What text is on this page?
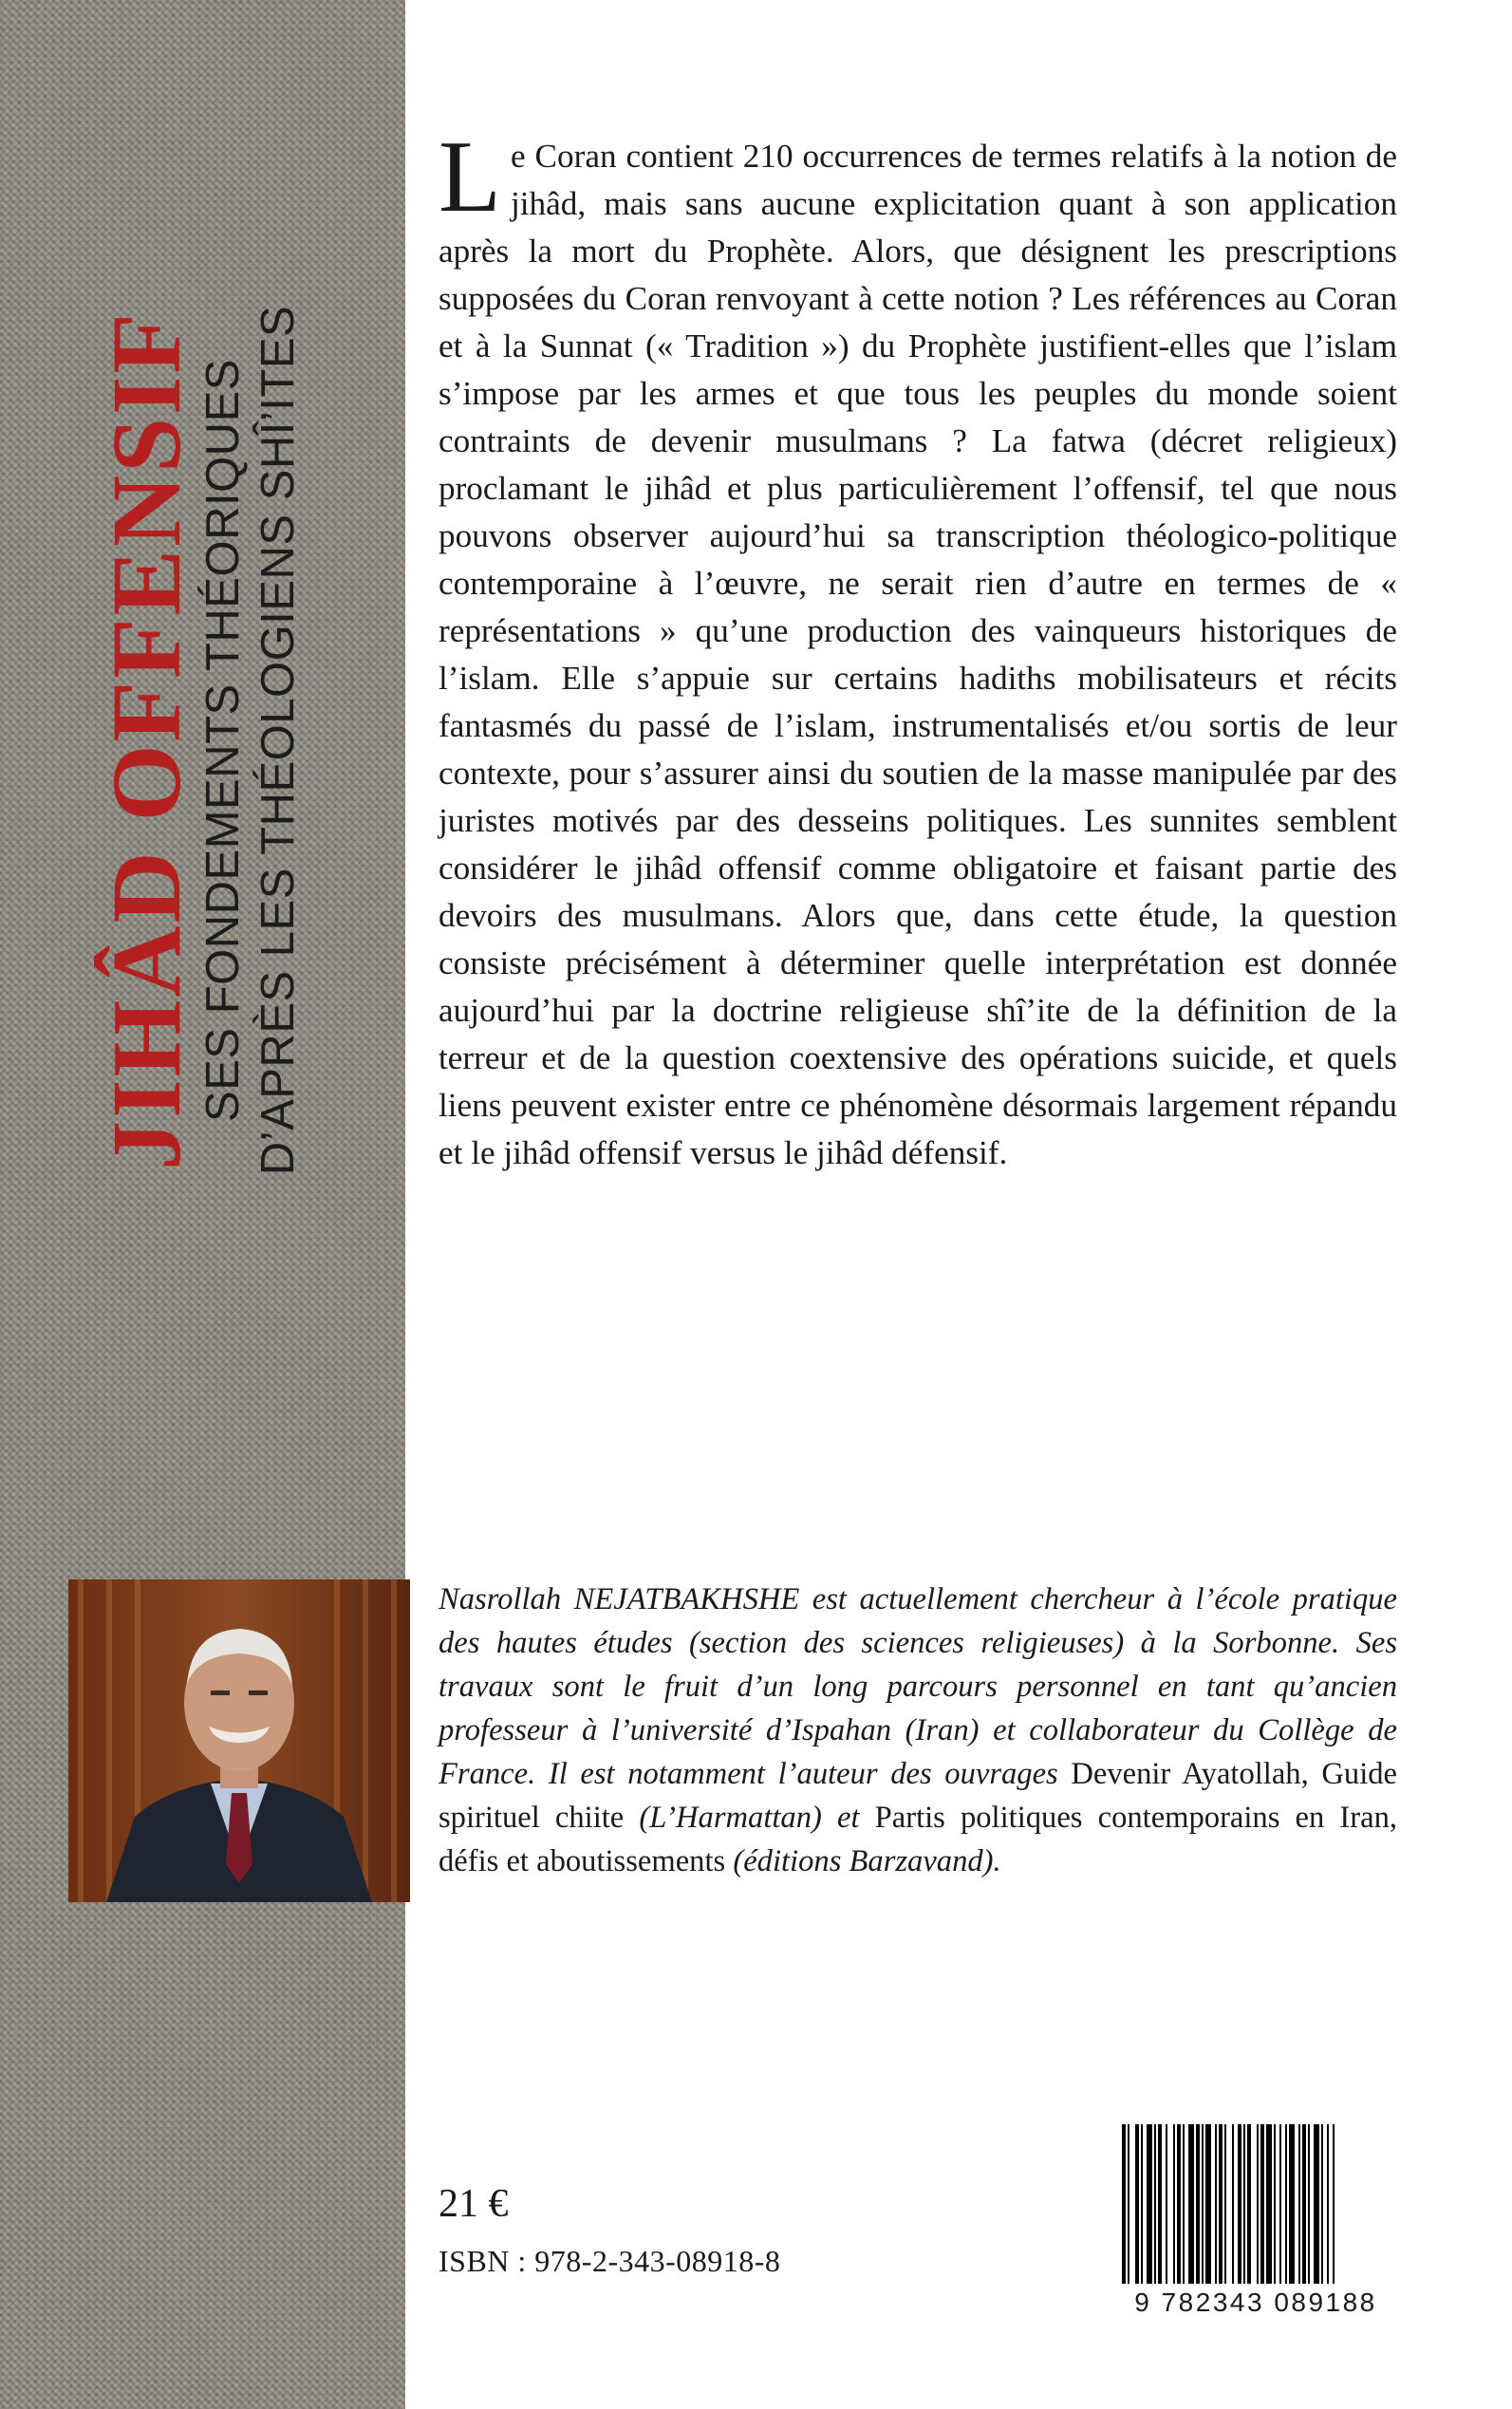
JIHÂD OFFENSIF
SES FONDEMENTS THÉORIQUES D’APRÈS LES THÉOLOGIENS SHÎ’ITES
L e Coran contient 210 occurrences de termes relatifs à la notion de jihâd, mais sans aucune explicitation quant à son application après la mort du Prophète. Alors, que désignent les prescriptions supposées du Coran renvoyant à cette notion ? Les références au Coran et à la Sunnat (« Tradition ») du Prophète justifient-elles que l’islam s’impose par les armes et que tous les peuples du monde soient contraints de devenir musulmans ? La fatwa (décret religieux) proclamant le jihâd et plus particulièrement l’offensif, tel que nous pouvons observer aujourd’hui sa transcription théologico-politique contemporaine à l’œuvre, ne serait rien d’autre en termes de « représentations » qu’une production des vainqueurs historiques de l’islam. Elle s’appuie sur certains hadiths mobilisateurs et récits fantasmés du passé de l’islam, instrumentalisés et/ou sortis de leur contexte, pour s’assurer ainsi du soutien de la masse manipulée par des juristes motivés par des desseins politiques. Les sunnites semblent considérer le jihâd offensif comme obligatoire et faisant partie des devoirs des musulmans. Alors que, dans cette étude, la question consiste précisément à déterminer quelle interprétation est donnée aujourd’hui par la doctrine religieuse shî’ite de la définition de la terreur et de la question coextensive des opérations suicide, et quels liens peuvent exister entre ce phénomène désormais largement répandu et le jihâd offensif versus le jihâd défensif.
Nasrollah NEJATBAKHSHE est actuellement chercheur à l’école pratique des hautes études (section des sciences religieuses) à la Sorbonne. Ses travaux sont le fruit d’un long parcours personnel en tant qu’ancien professeur à l’université d’Ispahan (Iran) et collaborateur du Collège de France. Il est notamment l’auteur des ouvrages Devenir Ayatollah, Guide spirituel chiite (L’Harmattan) et Partis politiques contemporains en Iran, défis et aboutissements (éditions Barzavand).
21 €
ISBN : 978-2-343-08918-8
9 782343 089188
